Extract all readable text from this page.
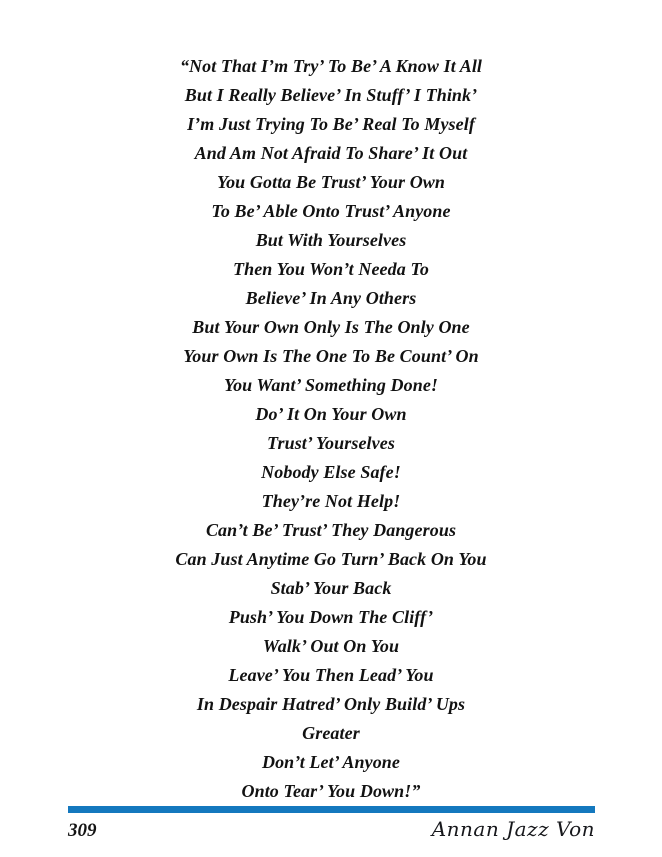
“Not That I’m Try’ To Be’ A Know It All
But I Really Believe’ In Stuff’ I Think’
I’m Just Trying To Be’ Real To Myself
And Am Not Afraid To Share’ It Out
You Gotta Be Trust’ Your Own
To Be’ Able Onto Trust’ Anyone
But With Yourselves
Then You Won’t Needa To
Believe’ In Any Others
But Your Own Only Is The Only One
Your Own Is The One To Be Count’ On
You Want’ Something Done!
Do’ It On Your Own
Trust’ Yourselves
Nobody Else Safe!
They’re Not Help!
Can’t Be’ Trust’ They Dangerous
Can Just Anytime Go Turn’ Back On You
Stab’ Your Back
Push’ You Down The Cliff’
Walk’ Out On You
Leave’ You Then Lead’ You
In Despair Hatred’ Only Build’ Ups
Greater
Don’t Let’ Anyone
Onto Tear’ You Down!”
309	Annan Jazz Von
